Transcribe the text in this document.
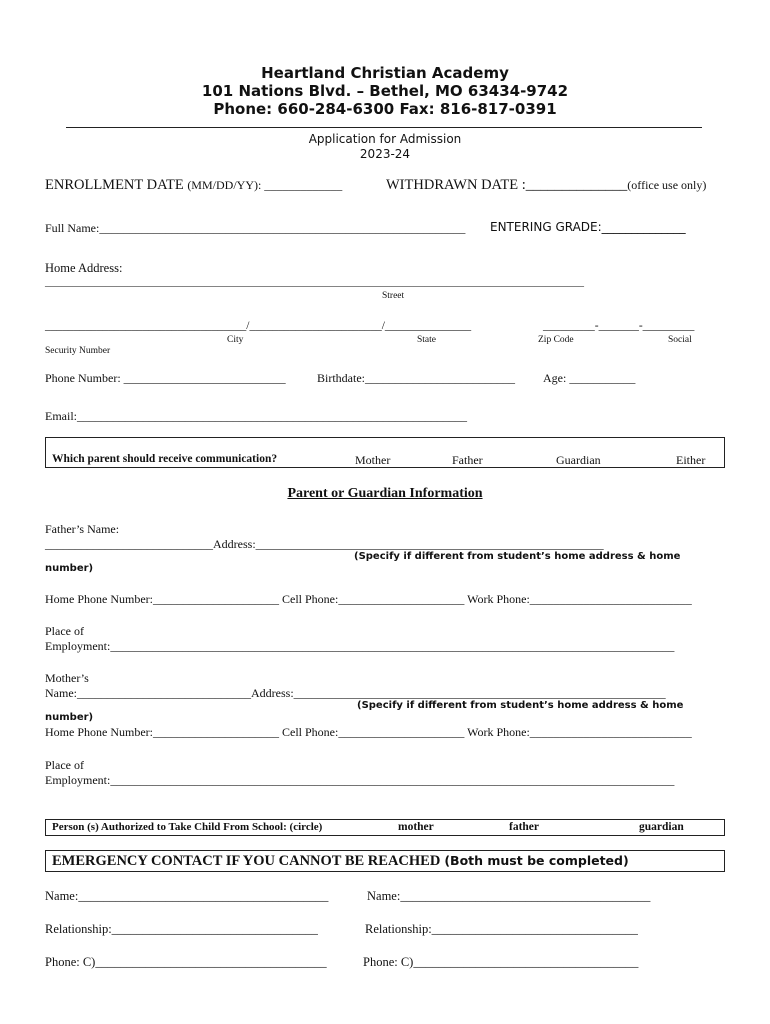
Heartland Christian Academy
101 Nations Blvd. – Bethel, MO 63434-9742
Phone: 660-284-6300 Fax: 816-817-0391
Application for Admission
2023-24
ENROLLMENT DATE (MM/DD/YY): _____________	WITHDRAWN DATE :______________(office use only)
Full Name:_____________________________________________________________ ENTERING GRADE:______________
Home Address:
__________________________________________________________________________________________________
Street
___________________________________/_______________________/_______________	_________-_______-_________
City	State	Zip Code	Social
Security Number
Phone Number: ___________________________	Birthdate:_________________________ Age: ___________
Email:_________________________________________________________________
Which parent should receive communication?	Mother	Father	Guardian	Either
Parent or Guardian Information
Father’s Name:
____________________________Address:__________________________________________________________
(Specify if different from student’s home address & home
number)
Home Phone Number:_____________________ Cell Phone:_____________________ Work Phone:___________________________
Place of
Employment:______________________________________________________________________________________________
Mother’s
Name:_____________________________Address:______________________________________________________________
(Specify if different from student’s home address & home
number)
Home Phone Number:_____________________ Cell Phone:_____________________ Work Phone:___________________________
Place of
Employment:______________________________________________________________________________________________
Person (s) Authorized to Take Child From School: (circle)	mother	father	guardian
EMERGENCY CONTACT IF YOU CANNOT BE REACHED (Both must be completed)
Name:________________________________________	Name:________________________________________
Relationship:_________________________________	Relationship:_________________________________
Phone: C)_____________________________________	Phone: C)____________________________________
